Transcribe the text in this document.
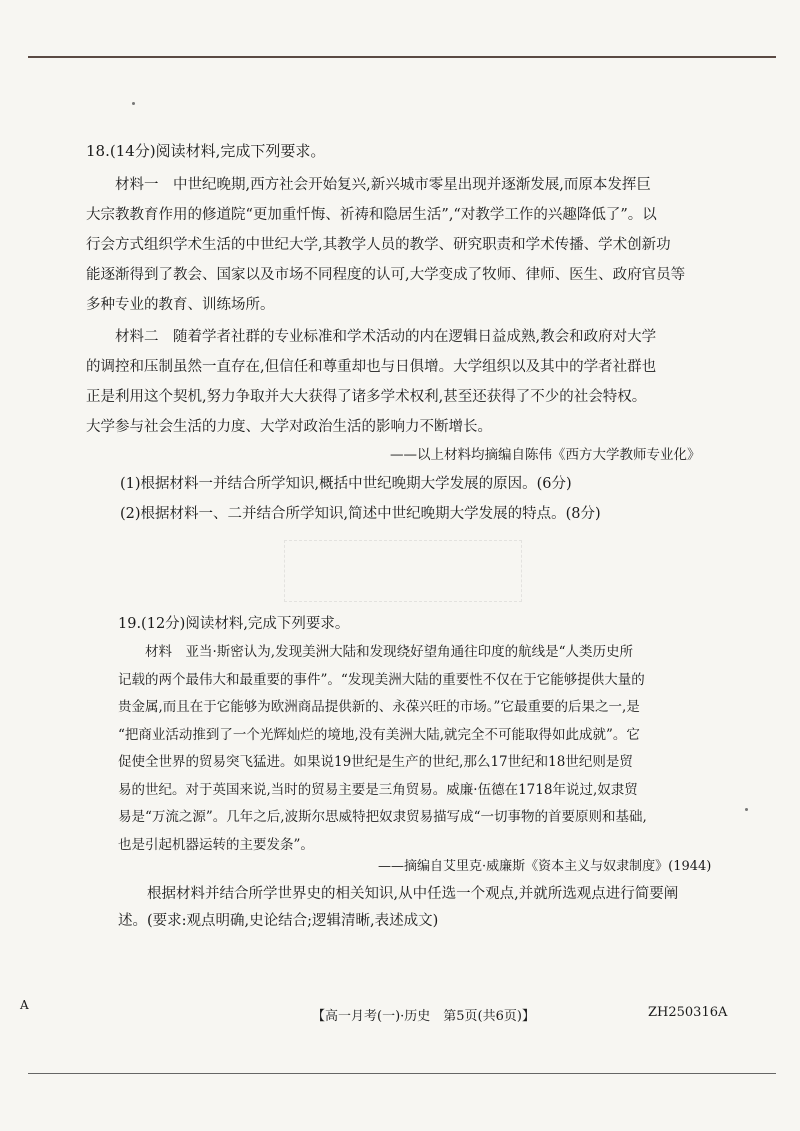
18.(14分)阅读材料,完成下列要求。
　　材料一　中世纪晚期,西方社会开始复兴,新兴城市零星出现并逐渐发展,而原本发挥巨
大宗教教育作用的修道院“更加重忏悔、祈祷和隐居生活”,“对教学工作的兴趣降低了”。以
行会方式组织学术生活的中世纪大学,其教学人员的教学、研究职责和学术传播、学术创新功
能逐渐得到了教会、国家以及市场不同程度的认可,大学变成了牧师、律师、医生、政府官员等
多种专业的教育、训练场所。
　　材料二　随着学者社群的专业标准和学术活动的内在逻辑日益成熟,教会和政府对大学
的调控和压制虽然一直存在,但信任和尊重却也与日俱增。大学组织以及其中的学者社群也
正是利用这个契机,努力争取并大大获得了诸多学术权利,甚至还获得了不少的社会特权。
大学参与社会生活的力度、大学对政治生活的影响力不断增长。
——以上材料均摘编自陈伟《西方大学教师专业化》
(1)根据材料一并结合所学知识,概括中世纪晚期大学发展的原因。(6分)
(2)根据材料一、二并结合所学知识,简述中世纪晚期大学发展的特点。(8分)
19.(12分)阅读材料,完成下列要求。
　　材料　亚当·斯密认为,发现美洲大陆和发现绕好望角通往印度的航线是“人类历史所
记载的两个最伟大和最重要的事件”。“发现美洲大陆的重要性不仅在于它能够提供大量的
贵金属,而且在于它能够为欧洲商品提供新的、永葆兴旺的市场。”它最重要的后果之一,是
“把商业活动推到了一个光辉灿烂的境地,没有美洲大陆,就完全不可能取得如此成就”。它
促使全世界的贸易突飞猛进。如果说19世纪是生产的世纪,那么17世纪和18世纪则是贸
易的世纪。对于英国来说,当时的贸易主要是三角贸易。威廉·伍德在1718年说过,奴隶贸
易是“万流之源”。几年之后,波斯尔思威特把奴隶贸易描写成“一切事物的首要原则和基础,
也是引起机器运转的主要发条”。
——摘编自艾里克·威廉斯《资本主义与奴隶制度》(1944)
　　根据材料并结合所学世界史的相关知识,从中任选一个观点,并就所选观点进行简要阐
述。(要求:观点明确,史论结合;逻辑清晰,表述成文)
A
【高一月考(一)·历史　第5页(共6页)】	ZH250316A
